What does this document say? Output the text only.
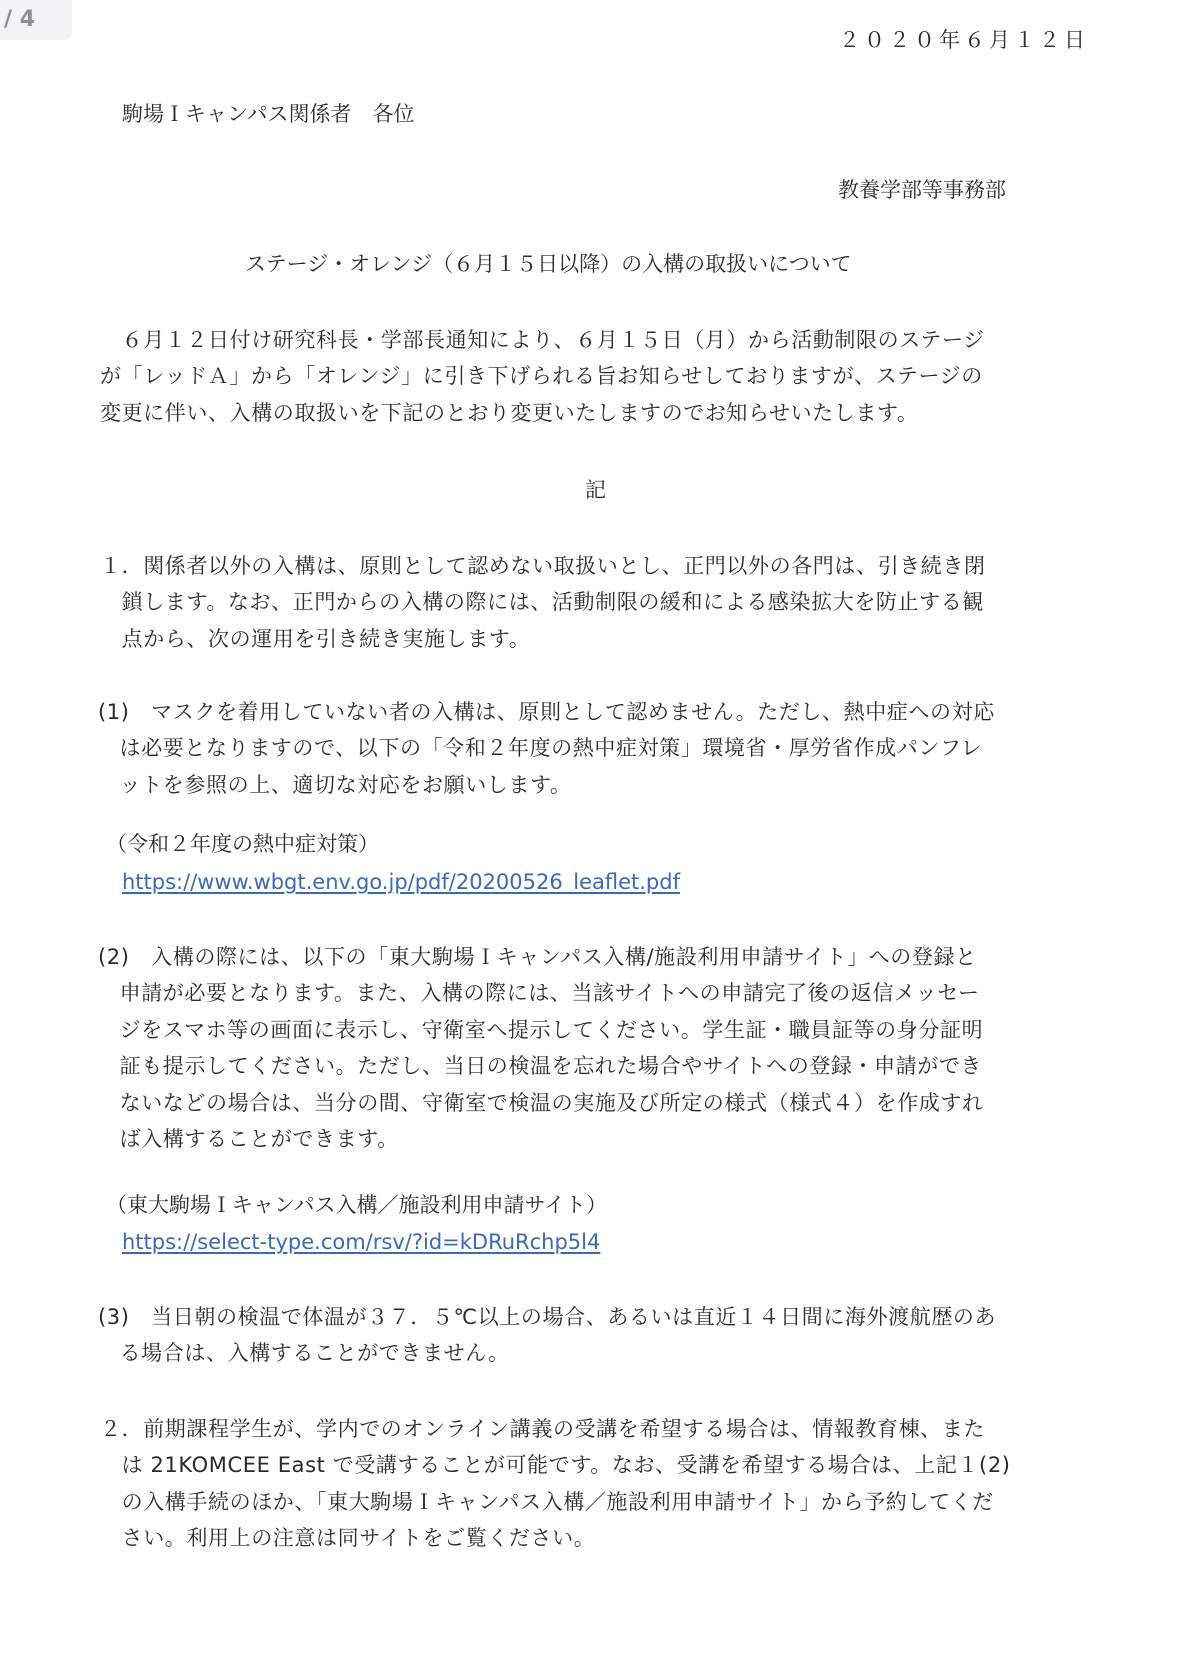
/ 4
２０２０年６月１２日
駒場Ｉキャンパス関係者　各位
教養学部等事務部
ステージ・オレンジ（６月１５日以降）の入構の取扱いについて
　６月１２日付け研究科長・学部長通知により、６月１５日（月）から活動制限のステージ
が「レッドＡ」から「オレンジ」に引き下げられる旨お知らせしておりますが、ステージの
変更に伴い、入構の取扱いを下記のとおり変更いたしますのでお知らせいたします。
記
１．関係者以外の入構は、原則として認めない取扱いとし、正門以外の各門は、引き続き閉
　鎖します。なお、正門からの入構の際には、活動制限の緩和による感染拡大を防止する観
　点から、次の運用を引き続き実施します。
(1)　マスクを着用していない者の入構は、原則として認めません。ただし、熱中症への対応
　は必要となりますので、以下の「令和２年度の熱中症対策」環境省・厚労省作成パンフレ
　ットを参照の上、適切な対応をお願いします。
（令和２年度の熱中症対策）
https://www.wbgt.env.go.jp/pdf/20200526_leaflet.pdf
(2)　入構の際には、以下の「東大駒場Ｉキャンパス入構/施設利用申請サイト」への登録と
　申請が必要となります。また、入構の際には、当該サイトへの申請完了後の返信メッセー
　ジをスマホ等の画面に表示し、守衛室へ提示してください。学生証・職員証等の身分証明
　証も提示してください。ただし、当日の検温を忘れた場合やサイトへの登録・申請ができ
　ないなどの場合は、当分の間、守衛室で検温の実施及び所定の様式（様式４）を作成すれ
　ば入構することができます。
（東大駒場Ｉキャンパス入構／施設利用申請サイト）
https://select-type.com/rsv/?id=kDRuRchp5l4
(3)　当日朝の検温で体温が３７．５℃以上の場合、あるいは直近１４日間に海外渡航歴のあ
　る場合は、入構することができません。
２．前期課程学生が、学内でのオンライン講義の受講を希望する場合は、情報教育棟、また
　は 21KOMCEE East で受講することが可能です。なお、受講を希望する場合は、上記１(2)
　の入構手続のほか、「東大駒場Ｉキャンパス入構／施設利用申請サイト」から予約してくだ
　さい。利用上の注意は同サイトをご覧ください。
